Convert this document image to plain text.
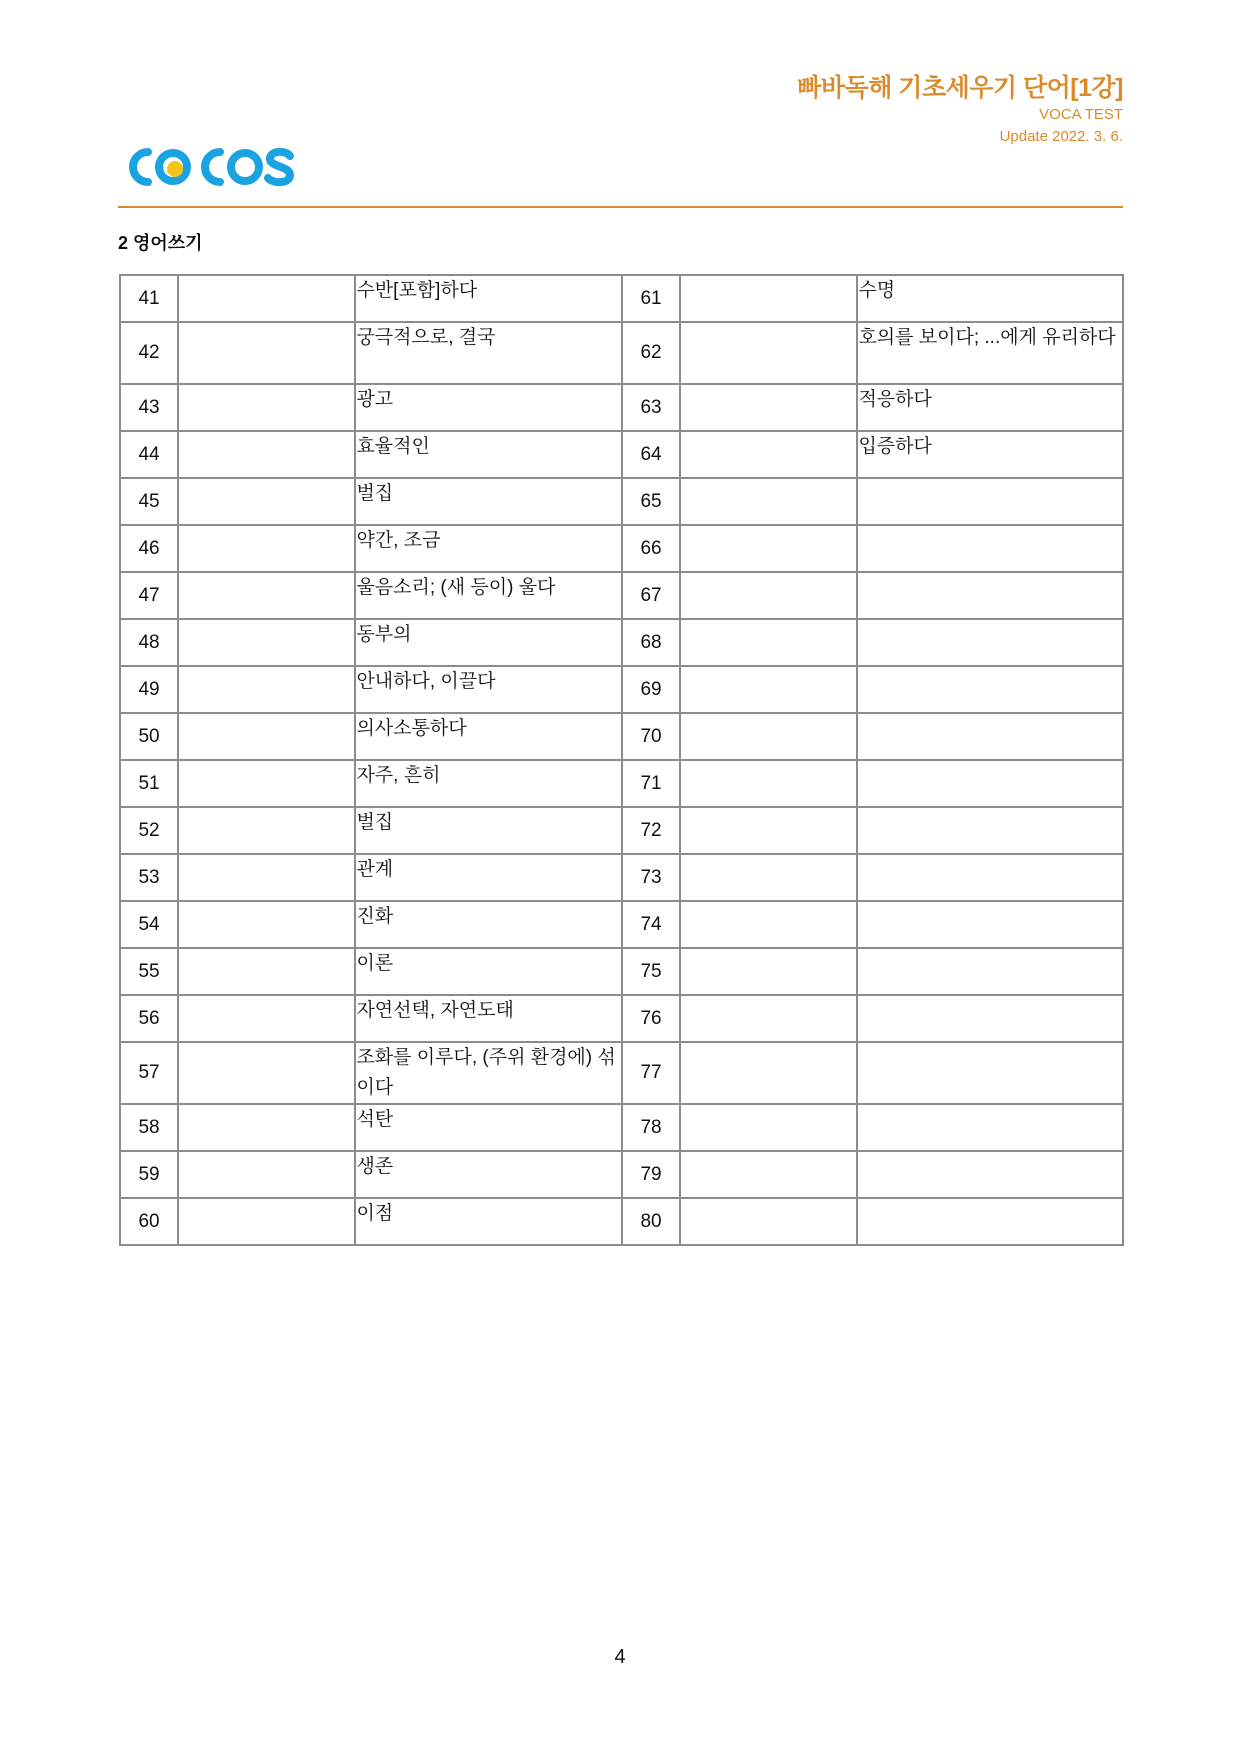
빠바독해 기초세우기 단어[1강]
VOCA TEST
Update 2022. 3. 6.
2 영어쓰기
41		수반[포함]하다	61		수명
42		궁극적으로, 결국	62		호의를 보이다; ...에게 유리하다
43		광고	63		적응하다
44		효율적인	64		입증하다
45		벌집	65		
46		약간, 조금	66		
47		울음소리; (새 등이) 울다	67		
48		동부의	68		
49		안내하다, 이끌다	69		
50		의사소통하다	70		
51		자주, 흔히	71		
52		벌집	72		
53		관계	73		
54		진화	74		
55		이론	75		
56		자연선택, 자연도태	76		
57		조화를 이루다, (주위 환경에) 섞이다	77		
58		석탄	78		
59		생존	79		
60		이점	80		
4
